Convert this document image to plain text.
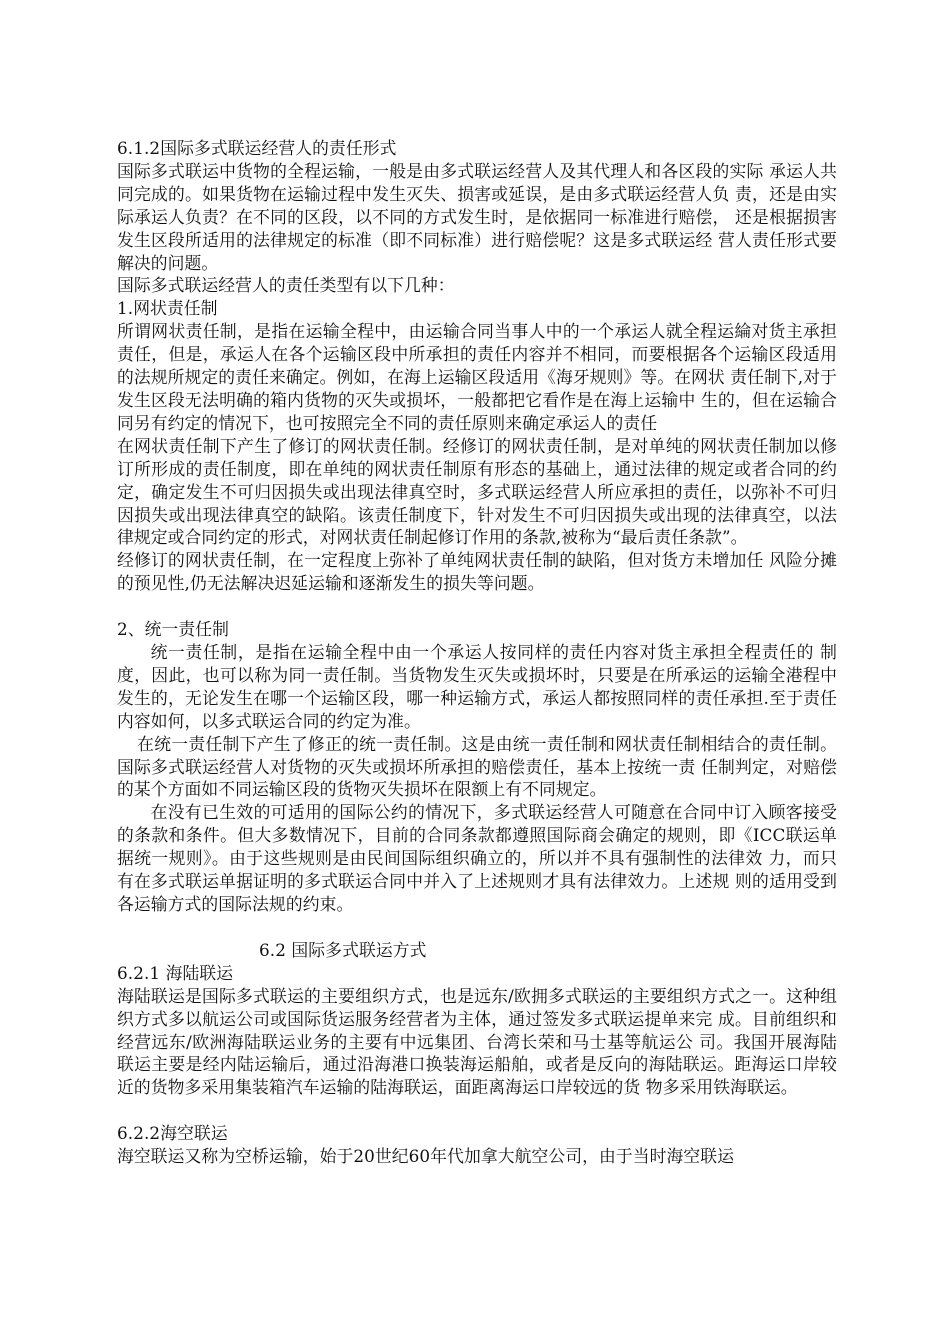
6.1.2国际多式联运经营人的责任形式

国际多式联运中货物的全程运输，一般是由多式联运经营人及其代理人和各区段的实际 承运人共同完成的。如果货物在运输过程中发生灭失、损害或延误，是由多式联运经营人负 责，还是由实际承运人负责？在不同的区段，以不同的方式发生时，是依据同一标准进行赔偿， 还是根据损害发生区段所适用的法律规定的标准（即不同标准）进行赔偿呢？这是多式联运经 营人责任形式要解决的问题。

国际多式联运经营人的责任类型有以下几种：

1.网状责任制

所谓网状责任制，是指在运输全程中，由运输合同当事人中的一个承运人就全程运綸对货主承担责任，但是，承运人在各个运输区段中所承担的责任内容并不相同，而要根据各个运输区段适用的法规所规定的责任来确定。例如，在海上运输区段适用《海牙规则》等。在网状 责任制下,对于发生区段无法明确的箱内货物的灭失或损坏，一般都把它看作是在海上运输中 生的，但在运输合同另有约定的情况下，也可按照完全不同的责任原则来确定承运人的责任

在网状责任制下产生了修订的网状责任制。经修订的网状责任制，是对单纯的网状责任制加以修订所形成的责任制度，即在单纯的网状责任制原有形态的基础上，通过法律的规定或者合同的约定，确定发生不可归因损失或出现法律真空时，多式联运经营人所应承担的责任，以弥补不可归因损失或出现法律真空的缺陷。该责任制度下，针对发生不可归因损失或出现的法律真空，以法律规定或合同约定的形式，对网状责任制起修订作用的条款,被称为“最后责任条款”。

经修订的网状责任制，在一定程度上弥补了单纯网状责任制的缺陷，但对货方未增加任 风险分摊的预见性,仍无法解决迟延运输和逐渐发生的损失等问题。

2、统一责任制

统一责任制，是指在运输全程中由一个承运人按同样的责任内容对货主承担全程责任的 制度，因此，也可以称为同一责任制。当货物发生灭失或损坏时，只要是在所承运的运输全港程中发生的，无论发生在哪一个运输区段，哪一种运输方式，承运人都按照同样的责任承担.至于责任内容如何，以多式联运合同的约定为准。

在统一责任制下产生了修正的统一责任制。这是由统一责任制和网状责任制相结合的责任制。国际多式联运经营人对货物的灭失或损坏所承担的赔偿责任，基本上按统一责 任制判定，对赔偿的某个方面如不同运输区段的货物灭失损坏在限额上有不同规定。

在没有已生效的可适用的国际公约的情况下，多式联运经营人可随意在合同中订入顾客接受的条款和条件。但大多数情况下，目前的合同条款都遵照国际商会确定的规则，即《ICC联运单据统一规则》。由于这些规则是由民间国际组织确立的，所以并不具有强制性的法律效 力，而只有在多式联运单据证明的多式联运合同中并入了上述规则才具有法律效力。上述规 则的适用受到各运输方式的国际法规的约束。

6.2 国际多式联运方式

6.2.1 海陆联运

海陆联运是国际多式联运的主要组织方式，也是远东/欧拥多式联运的主要组织方式之一。这种组织方式多以航运公司或国际货运服务经营者为主体，通过签发多式联运提单来完 成。目前组织和经营远东/欧洲海陆联运业务的主要有中远集团、台湾长荣和马士基等航运公 司。我国开展海陆联运主要是经内陆运输后，通过沿海港口换装海运船舶，或者是反向的海陆联运。距海运口岸较近的货物多采用集装箱汽车运输的陆海联运，面距离海运口岸较远的货 物多采用铁海联运。

6.2.2海空联运

海空联运又称为空桥运输，始于20世纪60年代加拿大航空公司，由于当时海空联运
